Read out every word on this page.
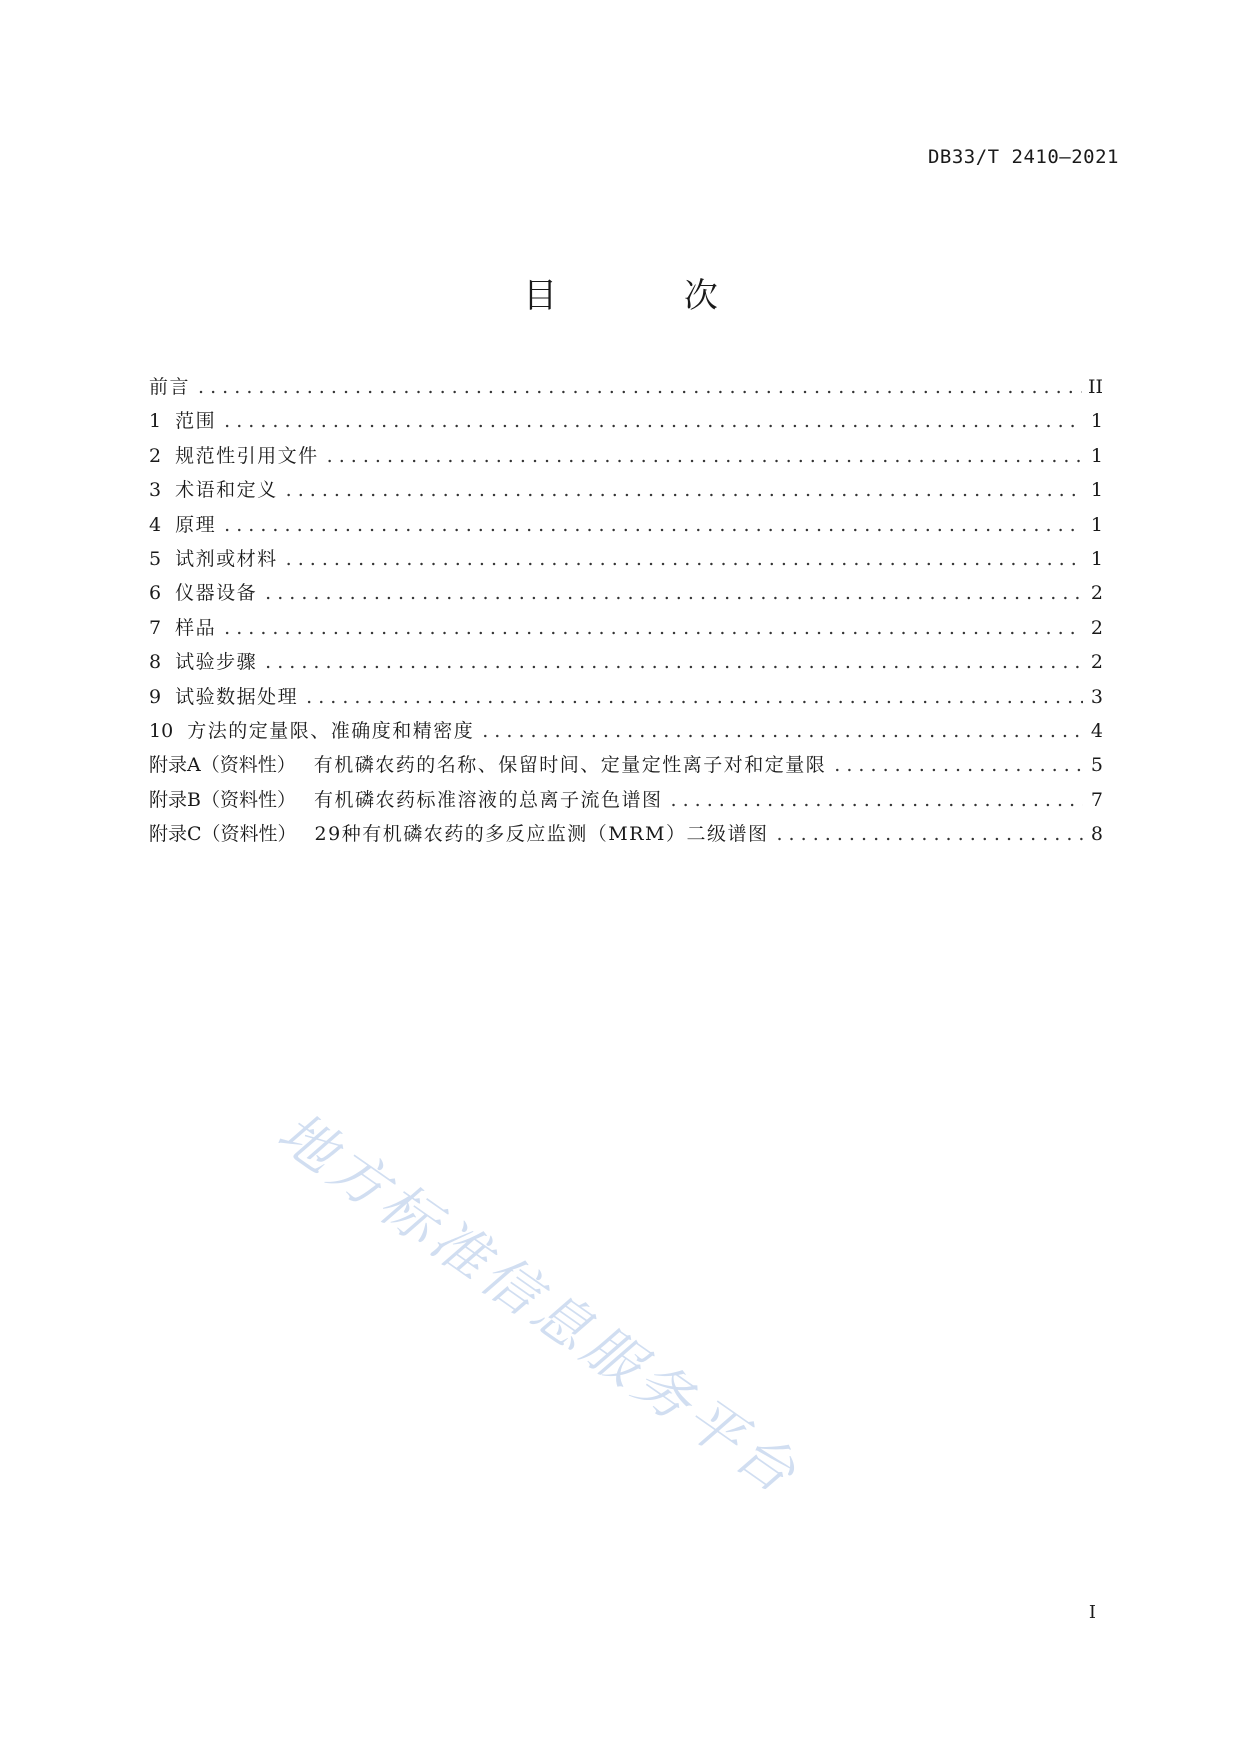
DB33/T 2410—2021
目 次
前言 . . .	II
1 范围 . . .	1
2 规范性引用文件 . . .	1
3 术语和定义 . . .	1
4 原理 . . .	1
5 试剂或材料 . . .	1
6 仪器设备 . . .	2
7 样品 . . .	2
8 试验步骤 . . .	2
9 试验数据处理 . . .	3
10 方法的定量限、准确度和精密度 . . .	4
附录A（资料性） 有机磷农药的名称、保留时间、定量定性离子对和定量限 . . .	5
附录B（资料性） 有机磷农药标准溶液的总离子流色谱图 . . .	7
附录C（资料性） 29种有机磷农药的多反应监测（MRM）二级谱图 . . .	8
地方标准信息服务平台
I
